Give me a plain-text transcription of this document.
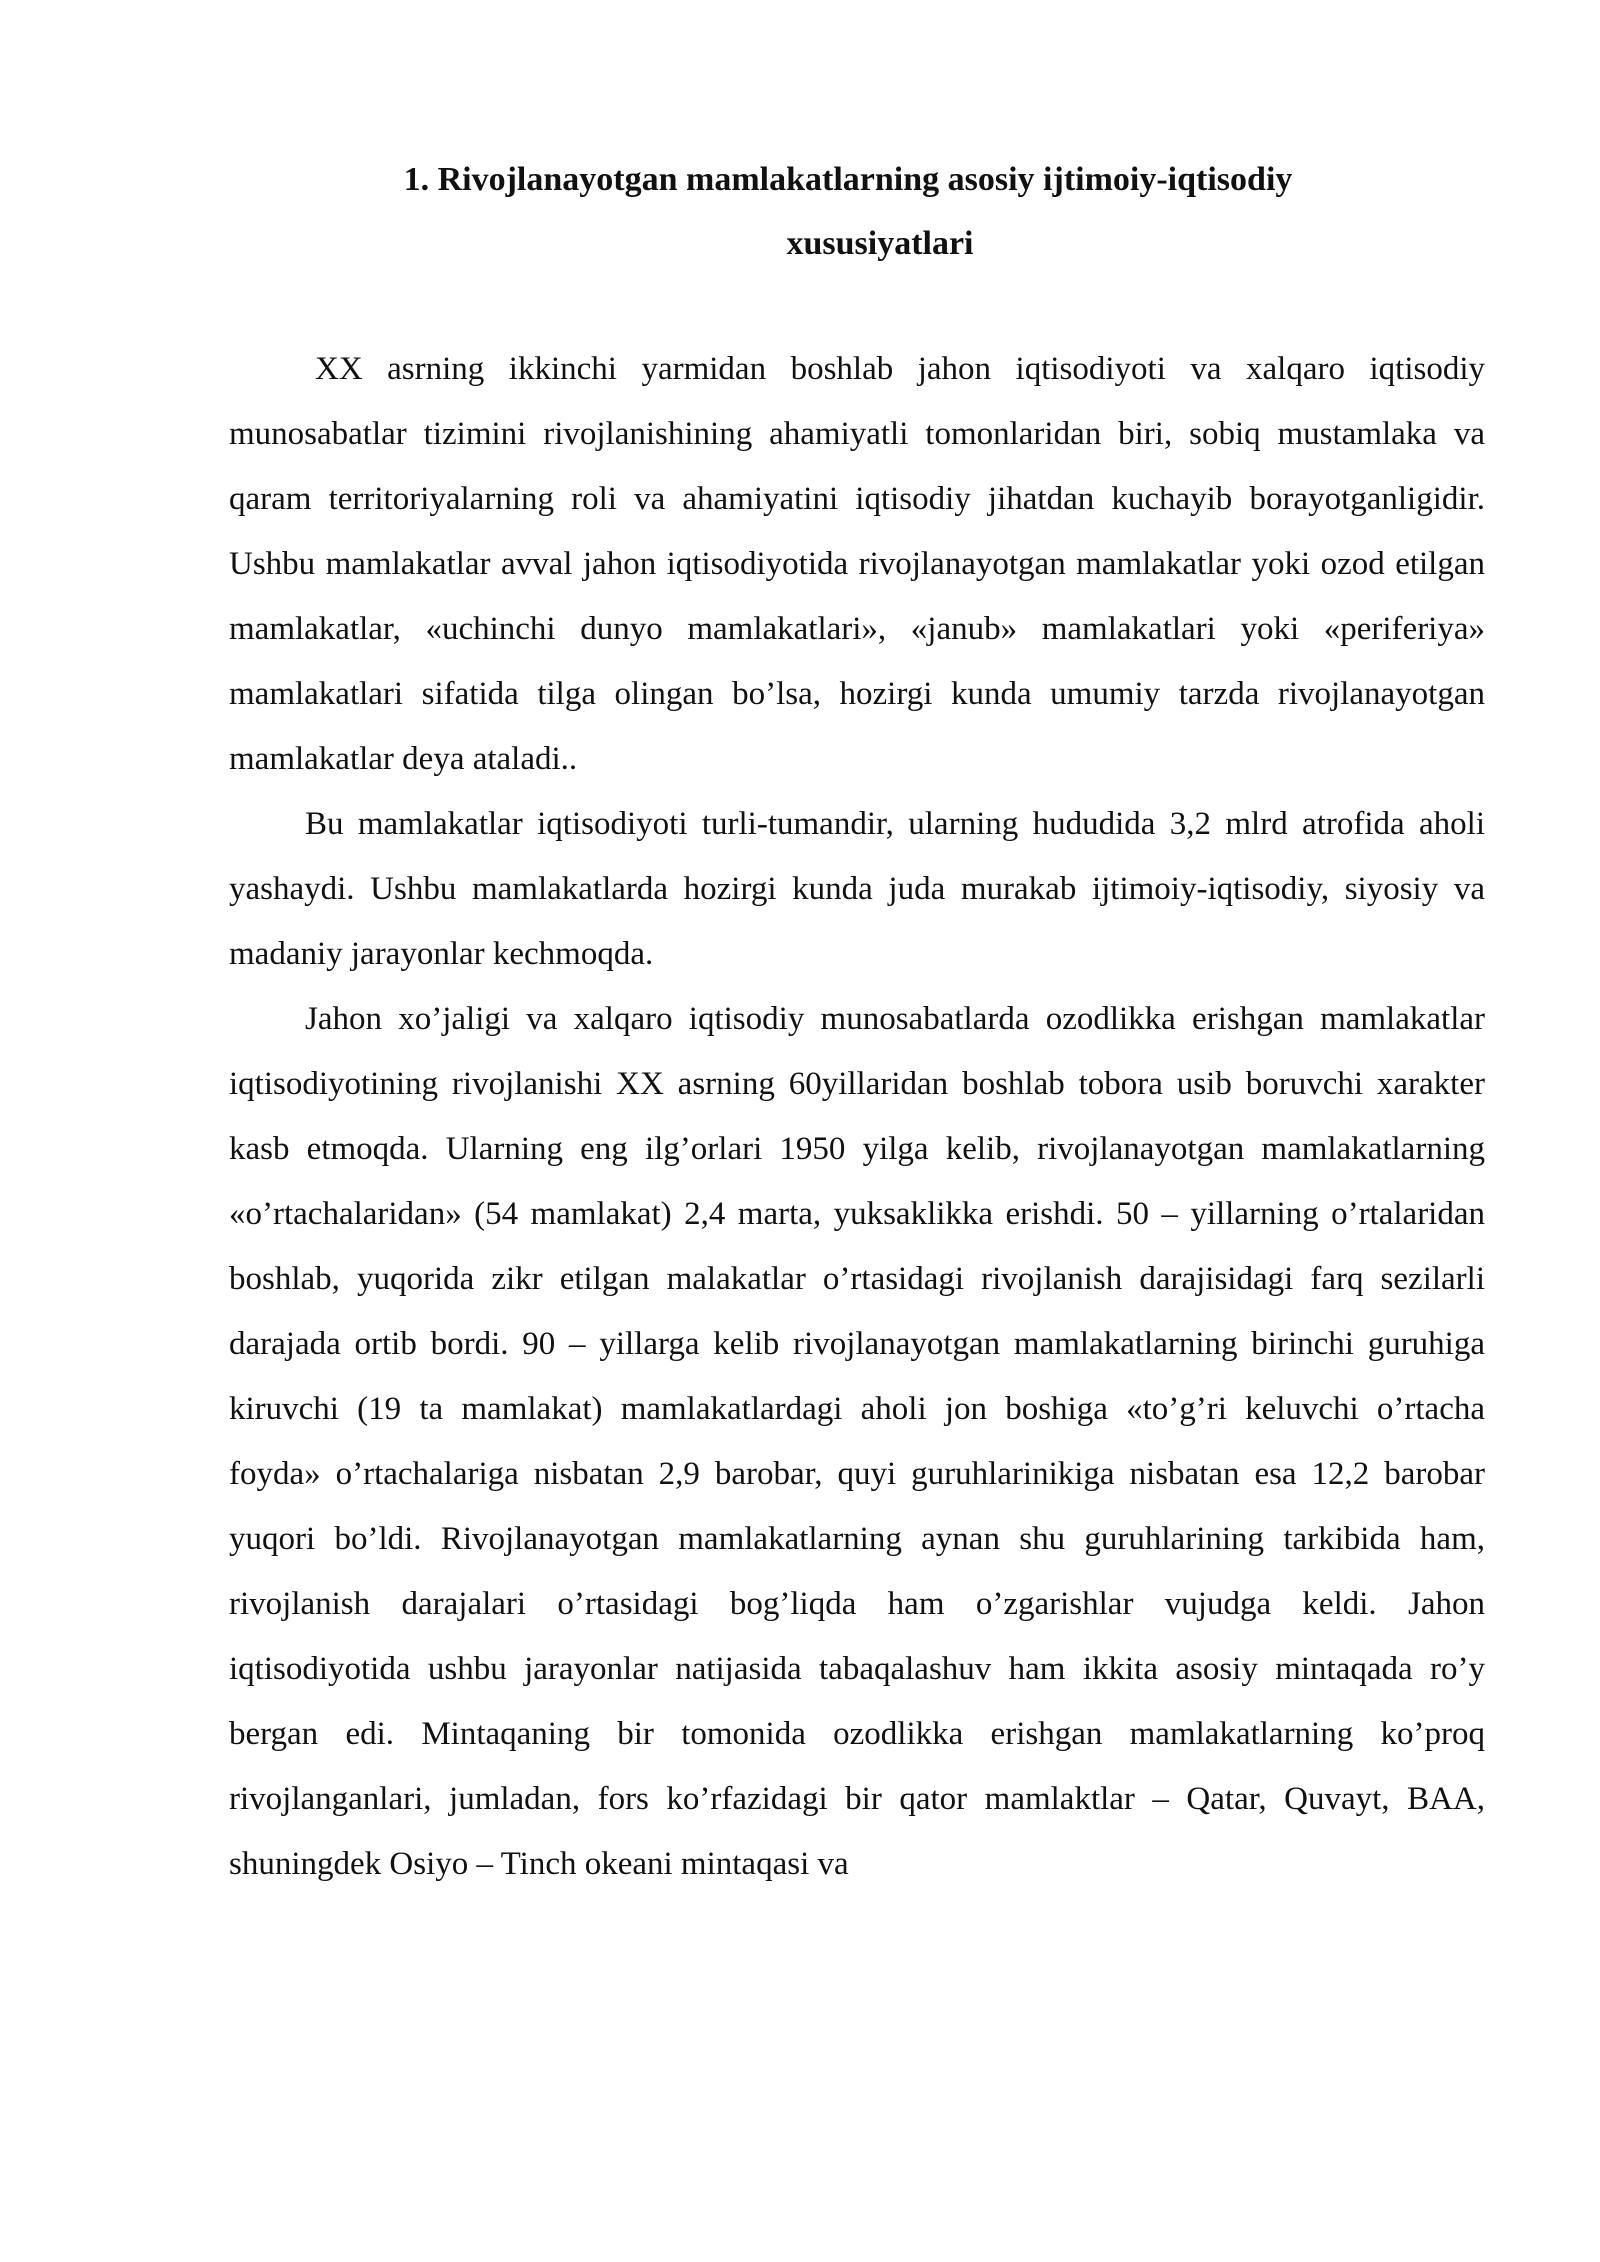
1. Rivojlanayotgan mamlakatlarning asosiy ijtimoiy-iqtisodiy
xususiyatlari

XX asrning ikkinchi yarmidan boshlab jahon iqtisodiyoti va xalqaro iqtisodiy munosabatlar tizimini rivojlanishining ahamiyatli tomonlaridan biri, sobiq mustamlaka va qaram territoriyalarning roli va ahamiyatini iqtisodiy jihatdan kuchayib borayotganligidir. Ushbu mamlakatlar avval jahon iqtisodiyotida rivojlanayotgan mamlakatlar yoki ozod etilgan mamlakatlar, «uchinchi dunyo mamlakatlari», «janub» mamlakatlari yoki «periferiya» mamlakatlari sifatida tilga olingan bo’lsa, hozirgi kunda umumiy tarzda rivojlanayotgan mamlakatlar deya ataladi..

Bu mamlakatlar iqtisodiyoti turli-tumandir, ularning hududida 3,2 mlrd atrofida aholi yashaydi. Ushbu mamlakatlarda hozirgi kunda juda murakab ijtimoiy-iqtisodiy, siyosiy va madaniy jarayonlar kechmoqda.

Jahon xo’jaligi va xalqaro iqtisodiy munosabatlarda ozodlikka erishgan mamlakatlar iqtisodiyotining rivojlanishi XX asrning 60yillaridan boshlab tobora usib boruvchi xarakter kasb etmoqda. Ularning eng ilg’orlari 1950 yilga kelib, rivojlanayotgan mamlakatlarning «o’rtachalaridan» (54 mamlakat) 2,4 marta, yuksaklikka erishdi. 50 – yillarning o’rtalaridan boshlab, yuqorida zikr etilgan malakatlar o’rtasidagi rivojlanish darajisidagi farq sezilarli darajada ortib bordi. 90 – yillarga kelib rivojlanayotgan mamlakatlarning birinchi guruhiga kiruvchi (19 ta mamlakat) mamlakatlardagi aholi jon boshiga «to’g’ri keluvchi o’rtacha foyda» o’rtachalariga nisbatan 2,9 barobar, quyi guruhlarinikiga nisbatan esa 12,2 barobar yuqori bo’ldi. Rivojlanayotgan mamlakatlarning aynan shu guruhlarining tarkibida ham, rivojlanish darajalari o’rtasidagi bog’liqda ham o’zgarishlar vujudga keldi. Jahon iqtisodiyotida ushbu jarayonlar natijasida tabaqalashuv ham ikkita asosiy mintaqada ro’y bergan edi. Mintaqaning bir tomonida ozodlikka erishgan mamlakatlarning ko’proq rivojlanganlari, jumladan, fors ko’rfazidagi bir qator mamlaktlar – Qatar, Quvayt, BAA, shuningdek Osiyo – Tinch okeani mintaqasi va
